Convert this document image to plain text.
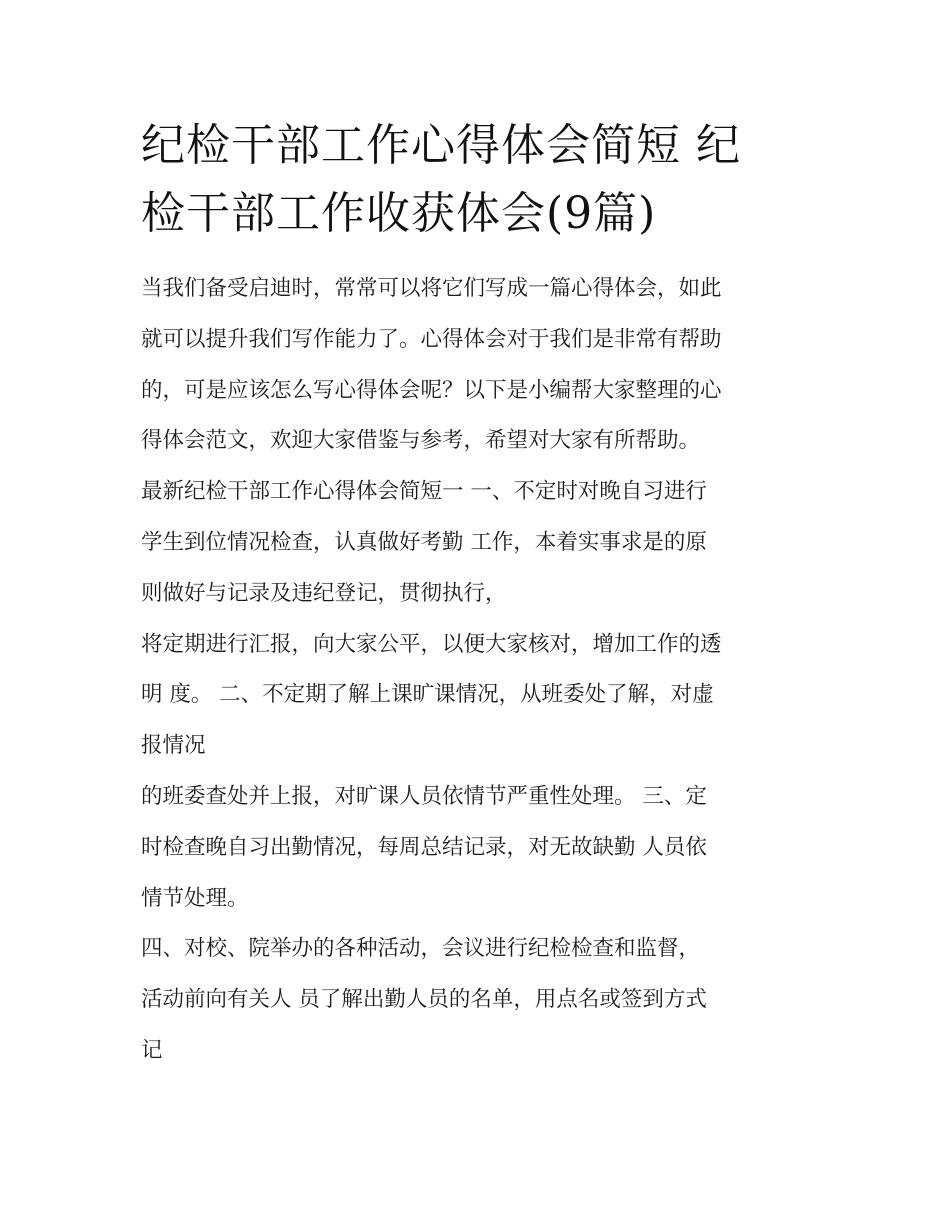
纪检干部工作心得体会简短 纪
检干部工作收获体会(9篇)
当我们备受启迪时，常常可以将它们写成一篇心得体会，如此
就可以提升我们写作能力了。心得体会对于我们是非常有帮助
的，可是应该怎么写心得体会呢？以下是小编帮大家整理的心
得体会范文，欢迎大家借鉴与参考，希望对大家有所帮助。
最新纪检干部工作心得体会简短一 一、不定时对晚自习进行
学生到位情况检查，认真做好考勤 工作，本着实事求是的原
则做好与记录及违纪登记，贯彻执行，
将定期进行汇报，向大家公平，以便大家核对，增加工作的透
明 度。 二、不定期了解上课旷课情况，从班委处了解，对虚
报情况
的班委查处并上报，对旷课人员依情节严重性处理。 三、定
时检查晚自习出勤情况，每周总结记录，对无故缺勤 人员依
情节处理。
四、对校、院举办的各种活动，会议进行纪检检查和监督，
活动前向有关人 员了解出勤人员的名单，用点名或签到方式
记
